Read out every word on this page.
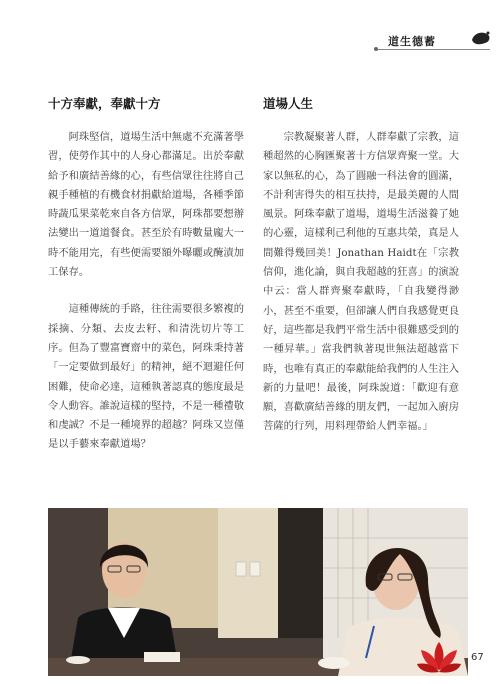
道生德蓄
十方奉獻，奉獻十方

阿珠堅信，道場生活中無處不充滿著學習，使勞作其中的人身心都滿足。出於奉獻給予和廣結善緣的心，有些信眾往往將自己親手種植的有機食材捐獻給道場，各種季節時蔬瓜果菜乾來自各方信眾，阿珠都要想辦法變出一道道餐食。甚至於有時數量龐大一時不能用完，有些便需要額外曝曬或醃漬加工保存。

這種傳統的手路，往往需要很多繁複的採摘、分類、去皮去籽、和清洗切片等工序。但為了豐富寶齋中的菜色，阿珠秉持著「一定要做到最好」的精神，絕不迴避任何困難，使命必達，這種執著認真的態度最是令人動容。誰說這樣的堅持，不是一種禮敬和虔誠？不是一種境界的超越？阿珠又豈僅是以手藝來奉獻道場？

道場人生

宗教凝聚著人群，人群奉獻了宗教，這種超然的心胸匯聚著十方信眾齊聚一堂。大家以無私的心，為了圓融一科法會的圓滿，不計利害得失的相互扶持，是最美麗的人間風景。阿珠奉獻了道場，道場生活滋養了她的心靈，這樣利己利他的互惠共榮，真是人間難得幾回美！Jonathan Haidt在「宗教信仰，進化論，與自我超越的狂喜」的演說中云：當人群齊聚奉獻時，「自我變得渺小，甚至不重要，但卻讓人們自我感覺更良好，這些都是我們平常生活中很難感受到的一種昇華。」當我們執著現世無法超越當下時，也唯有真正的奉獻能給我們的人生注入新的力量吧！最後，阿珠說道：「歡迎有意願，喜歡廣結善緣的朋友們，一起加入廚房菩薩的行列，用料理帶給人們幸福。」

67
